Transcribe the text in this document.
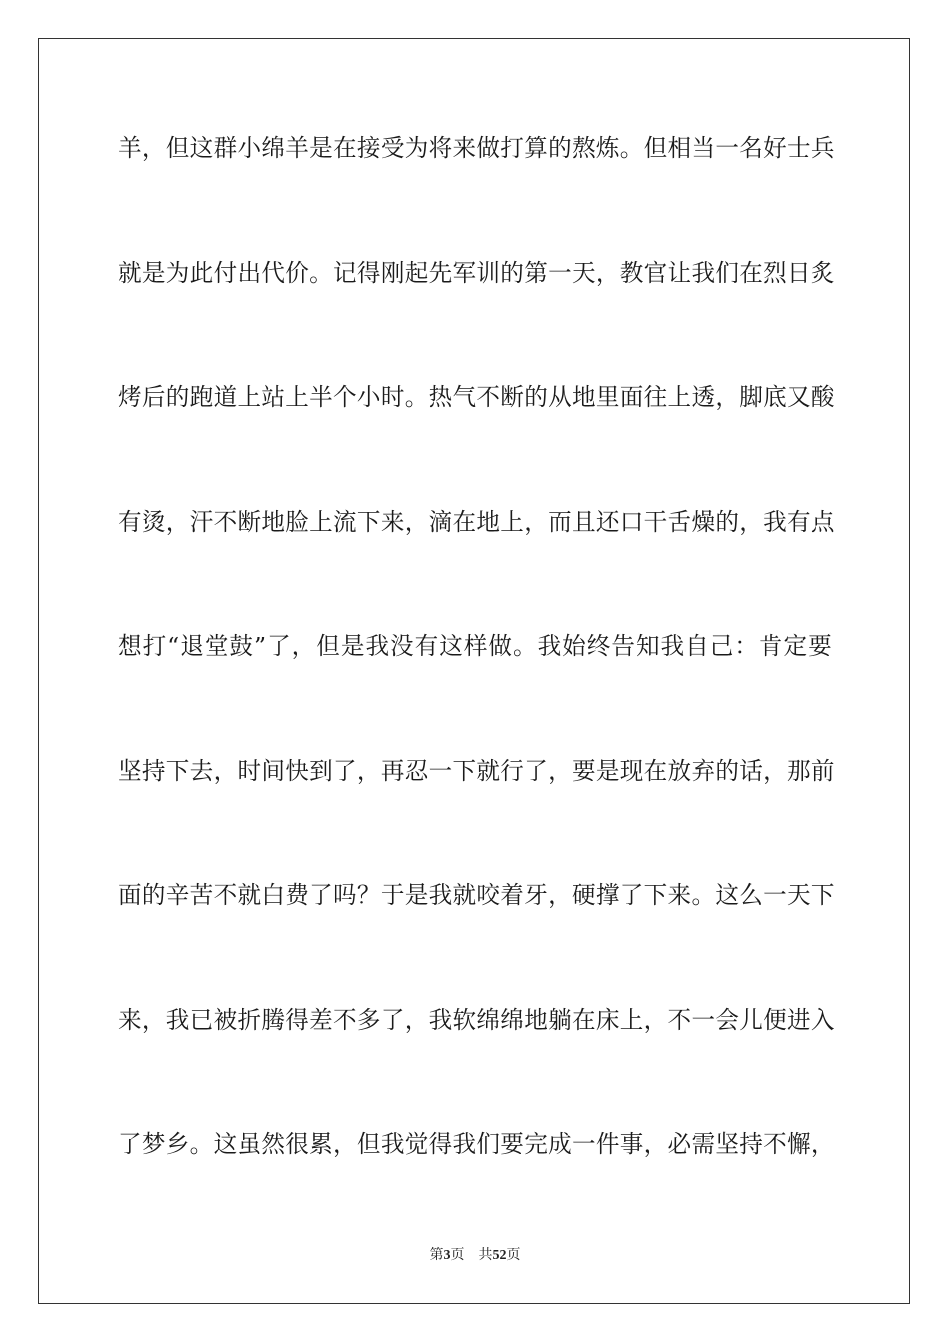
羊，但这群小绵羊是在接受为将来做打算的熬炼。但相当一名好士兵
就是为此付出代价。记得刚起先军训的第一天，教官让我们在烈日炙
烤后的跑道上站上半个小时。热气不断的从地里面往上透，脚底又酸
有烫，汗不断地脸上流下来，滴在地上，而且还口干舌燥的，我有点
想打“退堂鼓”了，但是我没有这样做。我始终告知我自己：肯定要
坚持下去，时间快到了，再忍一下就行了，要是现在放弃的话，那前
面的辛苦不就白费了吗？于是我就咬着牙，硬撑了下来。这么一天下
来，我已被折腾得差不多了，我软绵绵地躺在床上，不一会儿便进入
了梦乡。这虽然很累，但我觉得我们要完成一件事，必需坚持不懈，
第3页 共52页
